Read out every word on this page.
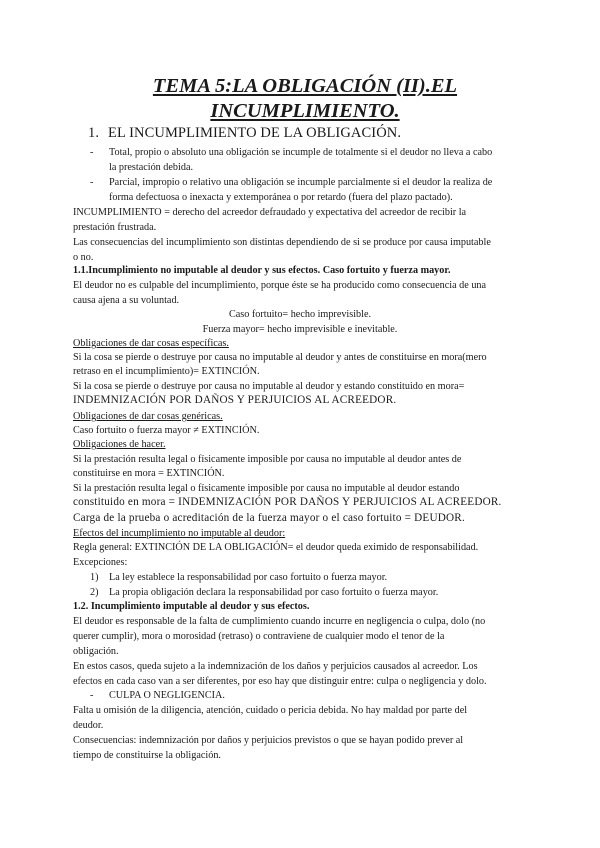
TEMA 5:LA OBLIGACIÓN (II).EL
INCUMPLIMIENTO.
1. EL INCUMPLIMIENTO DE LA OBLIGACIÓN.
- Total, propio o absoluto una obligación se incumple de totalmente si el deudor no lleva a cabo
la prestación debida.
- Parcial, impropio o relativo una obligación se incumple parcialmente si el deudor la realiza de
forma defectuosa o inexacta y extemporánea o por retardo (fuera del plazo pactado).
INCUMPLIMIENTO = derecho del acreedor defraudado y expectativa del acreedor de recibir la
prestación frustrada.
Las consecuencias del incumplimiento son distintas dependiendo de si se produce por causa imputable
o no.
1.1.Incumplimiento no imputable al deudor y sus efectos. Caso fortuito y fuerza mayor.
El deudor no es culpable del incumplimiento, porque éste se ha producido como consecuencia de una
causa ajena a su voluntad.
Caso fortuito= hecho imprevisible.
Fuerza mayor= hecho imprevisible e inevitable.
Obligaciones de dar cosas específicas.
Si la cosa se pierde o destruye por causa no imputable al deudor y antes de constituirse en mora(mero
retraso en el incumplimiento)= EXTINCIÓN.
Si la cosa se pierde o destruye por causa no imputable al deudor y estando constituido en mora=
INDEMNIZACIÓN POR DAÑOS Y PERJUICIOS AL ACREEDOR.
Obligaciones de dar cosas genéricas.
Caso fortuito o fuerza mayor ≠ EXTINCIÓN.
Obligaciones de hacer.
Si la prestación resulta legal o físicamente imposible por causa no imputable al deudor antes de
constituirse en mora = EXTINCIÓN.
Si la prestación resulta legal o físicamente imposible por causa no imputable al deudor estando
constituido en mora = INDEMNIZACIÓN POR DAÑOS Y PERJUICIOS AL ACREEDOR.
Carga de la prueba o acreditación de la fuerza mayor o el caso fortuito = DEUDOR.
Efectos del incumplimiento no imputable al deudor:
Regla general: EXTINCIÓN DE LA OBLIGACIÓN= el deudor queda eximido de responsabilidad.
Excepciones:
1) La ley establece la responsabilidad por caso fortuito o fuerza mayor.
2) La propia obligación declara la responsabilidad por caso fortuito o fuerza mayor.
1.2. Incumplimiento imputable al deudor y sus efectos.
El deudor es responsable de la falta de cumplimiento cuando incurre en negligencia o culpa, dolo (no
querer cumplir), mora o morosidad (retraso) o contraviene de cualquier modo el tenor de la
obligación.
En estos casos, queda sujeto a la indemnización de los daños y perjuicios causados al acreedor. Los
efectos en cada caso van a ser diferentes, por eso hay que distinguir entre: culpa o negligencia y dolo.
- CULPA O NEGLIGENCIA.
Falta u omisión de la diligencia, atención, cuidado o pericia debida. No hay maldad por parte del
deudor.
Consecuencias: indemnización por daños y perjuicios previstos o que se hayan podido prever al
tiempo de constituirse la obligación.
